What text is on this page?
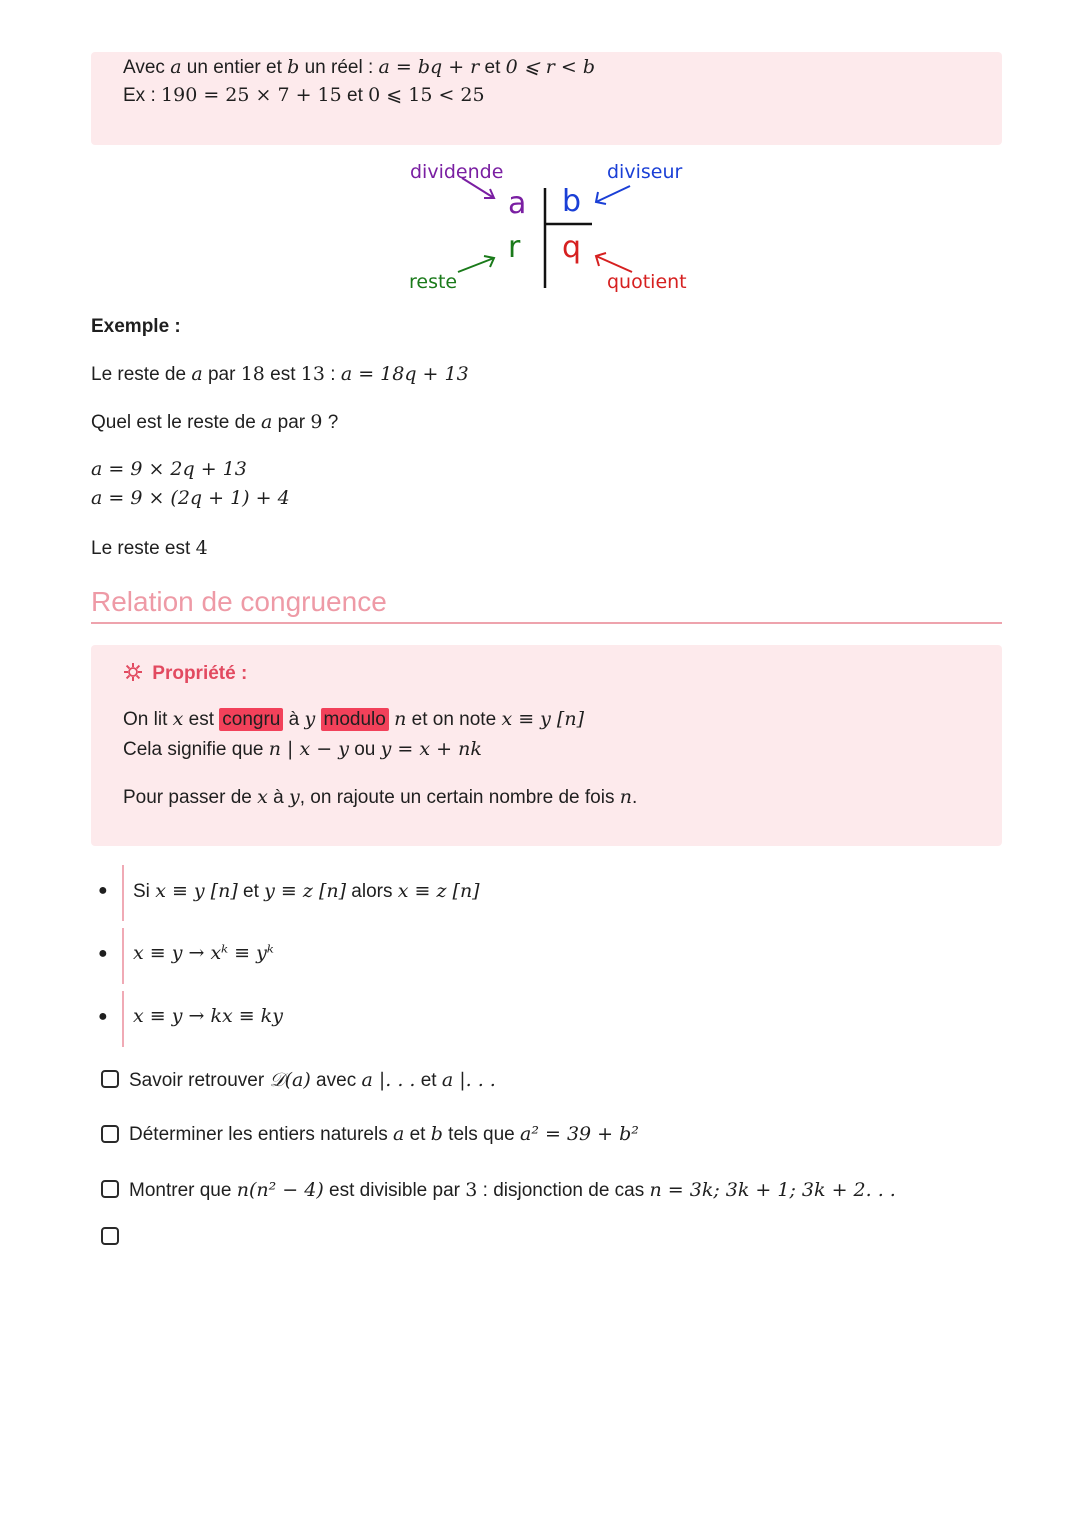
Avec a un entier et b un réel : a = bq + r et 0 ⩽ r < b
Ex : 190 = 25 × 7 + 15 et 0 ⩽ 15 < 25
dividende	diviseur
reste	quotient
a b
r q
Exemple :
Le reste de a par 18 est 13 : a = 18q + 13
Quel est le reste de a par 9 ?
a = 9 × 2q + 13
a = 9 × (2q + 1) + 4
Le reste est 4
Relation de congruence
Propriété :
On lit x est congru à y modulo n et on note x ≡ y [n]
Cela signifie que n | x − y ou y = x + nk
Pour passer de x à y, on rajoute un certain nombre de fois n.
● Si x ≡ y [n] et y ≡ z [n] alors x ≡ z [n]
● x ≡ y → xᵏ ≡ yᵏ
● x ≡ y → kx ≡ ky
Savoir retrouver 𝒟(a) avec a |. . . et a |. . .
Déterminer les entiers naturels a et b tels que a² = 39 + b²
Montrer que n(n² − 4) est divisible par 3 : disjonction de cas n = 3k; 3k + 1; 3k + 2. . .
